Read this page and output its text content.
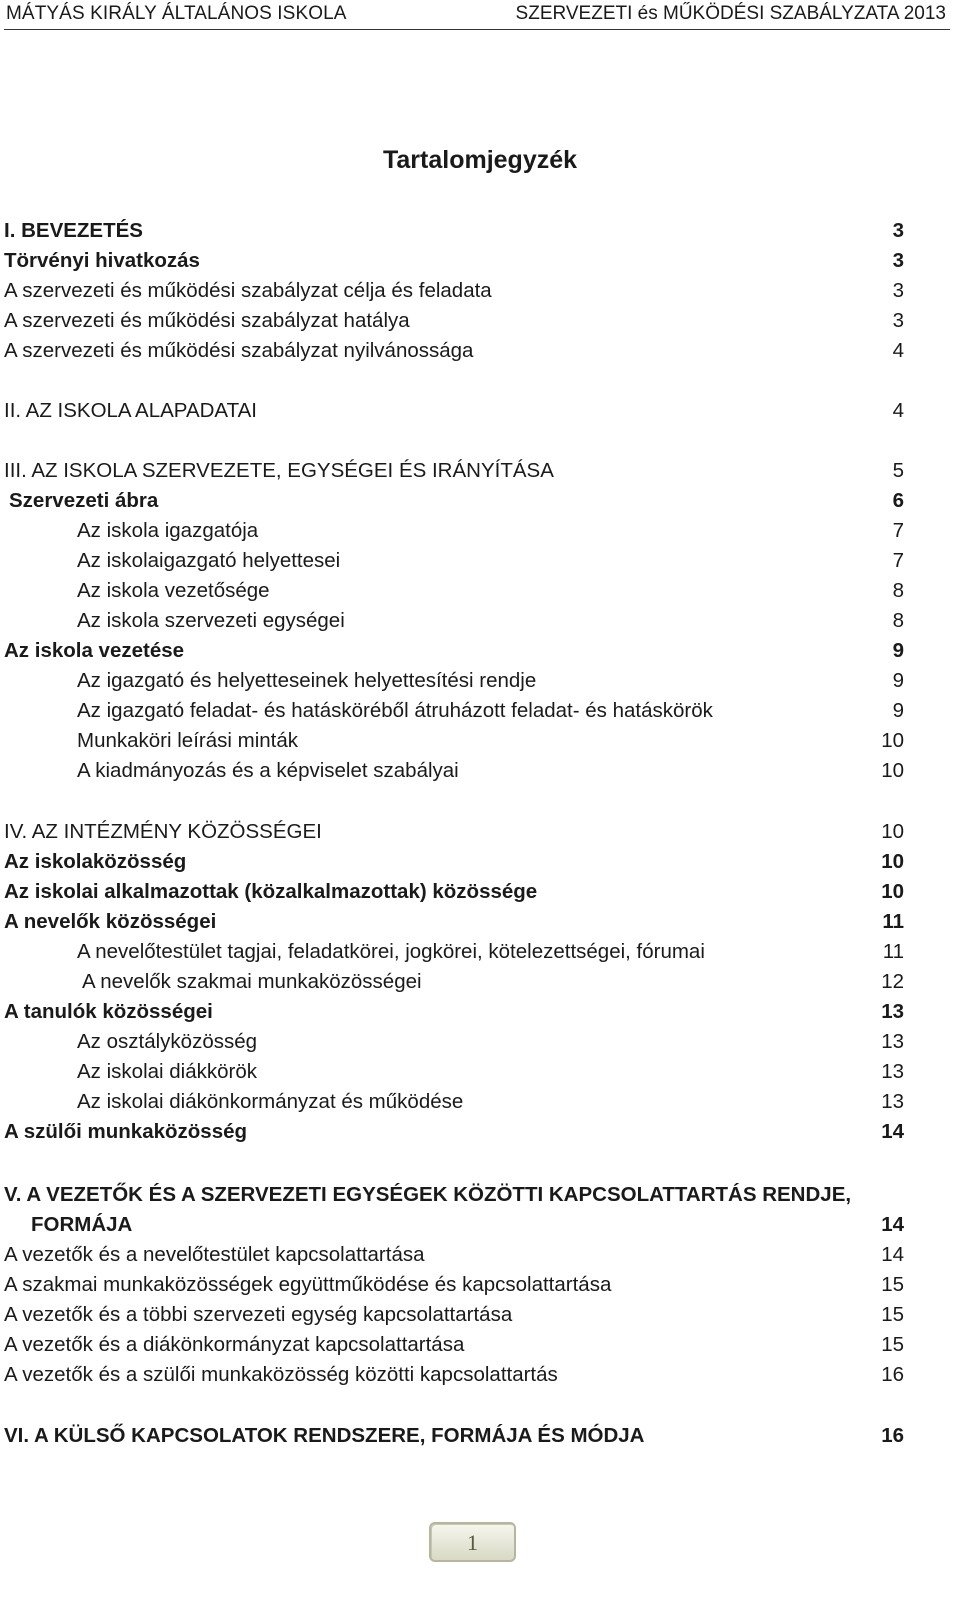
MÁTYÁS KIRÁLY ÁLTALÁNOS ISKOLA	SZERVEZETI és MŰKÖDÉSI SZABÁLYZATA 2013
Tartalomjegyzék
I. BEVEZETÉS	3
Törvényi hivatkozás	3
A szervezeti és működési szabályzat célja és feladata	3
A szervezeti és működési szabályzat hatálya	3
A szervezeti és működési szabályzat nyilvánossága	4
II. AZ ISKOLA ALAPADATAI	4
III. AZ ISKOLA SZERVEZETE, EGYSÉGEI ÉS IRÁNYÍTÁSA	5
Szervezeti ábra	6
Az iskola igazgatója	7
Az iskolaigazgató helyettesei	7
Az iskola vezetősége	8
Az iskola szervezeti egységei	8
Az iskola vezetése	9
Az igazgató és helyetteseinek helyettesítési rendje	9
Az igazgató feladat- és hatásköréből átruházott feladat- és hatáskörök	9
Munkaköri leírási minták	10
A kiadmányozás és a képviselet szabályai	10
IV. AZ INTÉZMÉNY KÖZÖSSÉGEI	10
Az iskolaközösség	10
Az iskolai alkalmazottak (közalkalmazottak) közössége	10
A nevelők közösségei	11
A nevelőtestület tagjai, feladatkörei, jogkörei, kötelezettségei, fórumai	11
A nevelők szakmai munkaközösségei	12
A tanulók közösségei	13
Az osztályközösség	13
Az iskolai diákkörök	13
Az iskolai diákönkormányzat és működése	13
A szülői munkaközösség	14
V. A VEZETŐK ÉS A SZERVEZETI EGYSÉGEK KÖZÖTTI KAPCSOLATTARTÁS RENDJE,
FORMÁJA	14
A vezetők és a nevelőtestület kapcsolattartása	14
A szakmai munkaközösségek együttműködése és kapcsolattartása	15
A vezetők és a többi szervezeti egység kapcsolattartása	15
A vezetők és a diákönkormányzat kapcsolattartása	15
A vezetők és a szülői munkaközösség közötti kapcsolattartás	16
VI. A KÜLSŐ KAPCSOLATOK RENDSZERE, FORMÁJA ÉS MÓDJA	16
1
